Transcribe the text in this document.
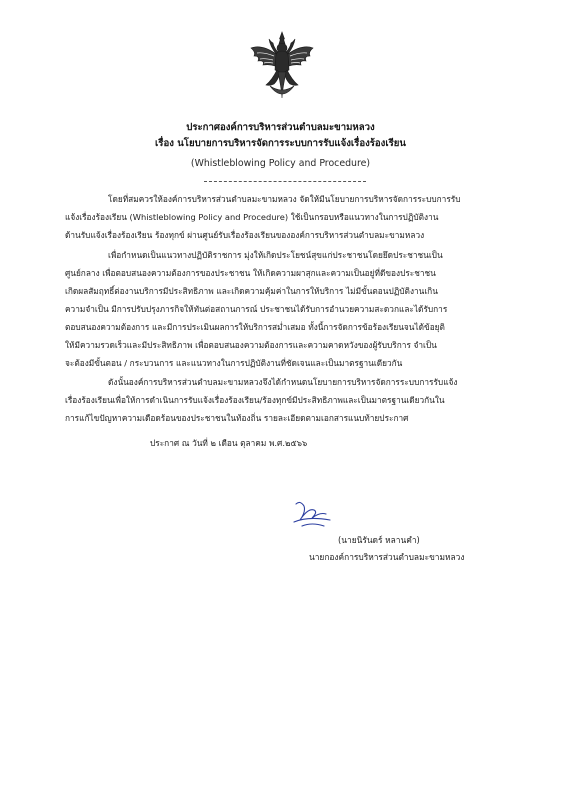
ประกาศองค์การบริหารส่วนตำบลมะขามหลวง
เรื่อง นโยบายการบริหารจัดการระบบการรับแจ้งเรื่องร้องเรียน
(Whistleblowing Policy and Procedure)
โดยที่สมควรให้องค์การบริหารส่วนตำบลมะขามหลวง จัดให้มีนโยบายการบริหารจัดการระบบการรับ
แจ้งเรื่องร้องเรียน (Whistleblowing Policy and Procedure) ใช้เป็นกรอบหรือแนวทางในการปฏิบัติงาน
ด้านรับแจ้งเรื่องร้องเรียน ร้องทุกข์ ผ่านศูนย์รับเรื่องร้องเรียนขององค์การบริหารส่วนตำบลมะขามหลวง
เพื่อกำหนดเป็นแนวทางปฏิบัติราชการ มุ่งให้เกิดประโยชน์สุขแก่ประชาชนโดยยึดประชาชนเป็น
ศูนย์กลาง เพื่อตอบสนองความต้องการของประชาชน ให้เกิดความผาสุกและความเป็นอยู่ที่ดีของประชาชน
เกิดผลสัมฤทธิ์ต่องานบริการมีประสิทธิภาพ และเกิดความคุ้มค่าในการให้บริการ ไม่มีขั้นตอนปฏิบัติงานเกิน
ความจำเป็น มีการปรับปรุงภารกิจให้ทันต่อสถานการณ์ ประชาชนได้รับการอำนวยความสะดวกและได้รับการ
ตอบสนองความต้องการ และมีการประเมินผลการให้บริการสม่ำเสมอ ทั้งนี้การจัดการข้อร้องเรียนจนได้ข้อยุติ
ให้มีความรวดเร็วและมีประสิทธิภาพ เพื่อตอบสนองความต้องการและความคาดหวังของผู้รับบริการ จำเป็น
จะต้องมีขั้นตอน / กระบวนการ และแนวทางในการปฏิบัติงานที่ชัดเจนและเป็นมาตรฐานเดียวกัน
ดังนั้นองค์การบริหารส่วนตำบลมะขามหลวงจึงได้กำหนดนโยบายการบริหารจัดการระบบการรับแจ้ง
เรื่องร้องเรียนเพื่อให้การดำเนินการรับแจ้งเรื่องร้องเรียน/ร้องทุกข์มีประสิทธิภาพและเป็นมาตรฐานเดียวกันใน
การแก้ไขปัญหาความเดือดร้อนของประชาชนในท้องถิ่น รายละเอียดตามเอกสารแนบท้ายประกาศ
ประกาศ ณ วันที่ ๒ เดือน ตุลาคม พ.ศ.๒๕๖๖
(นายนิรันดร์ หลานคำ)
นายกองค์การบริหารส่วนตำบลมะขามหลวง
